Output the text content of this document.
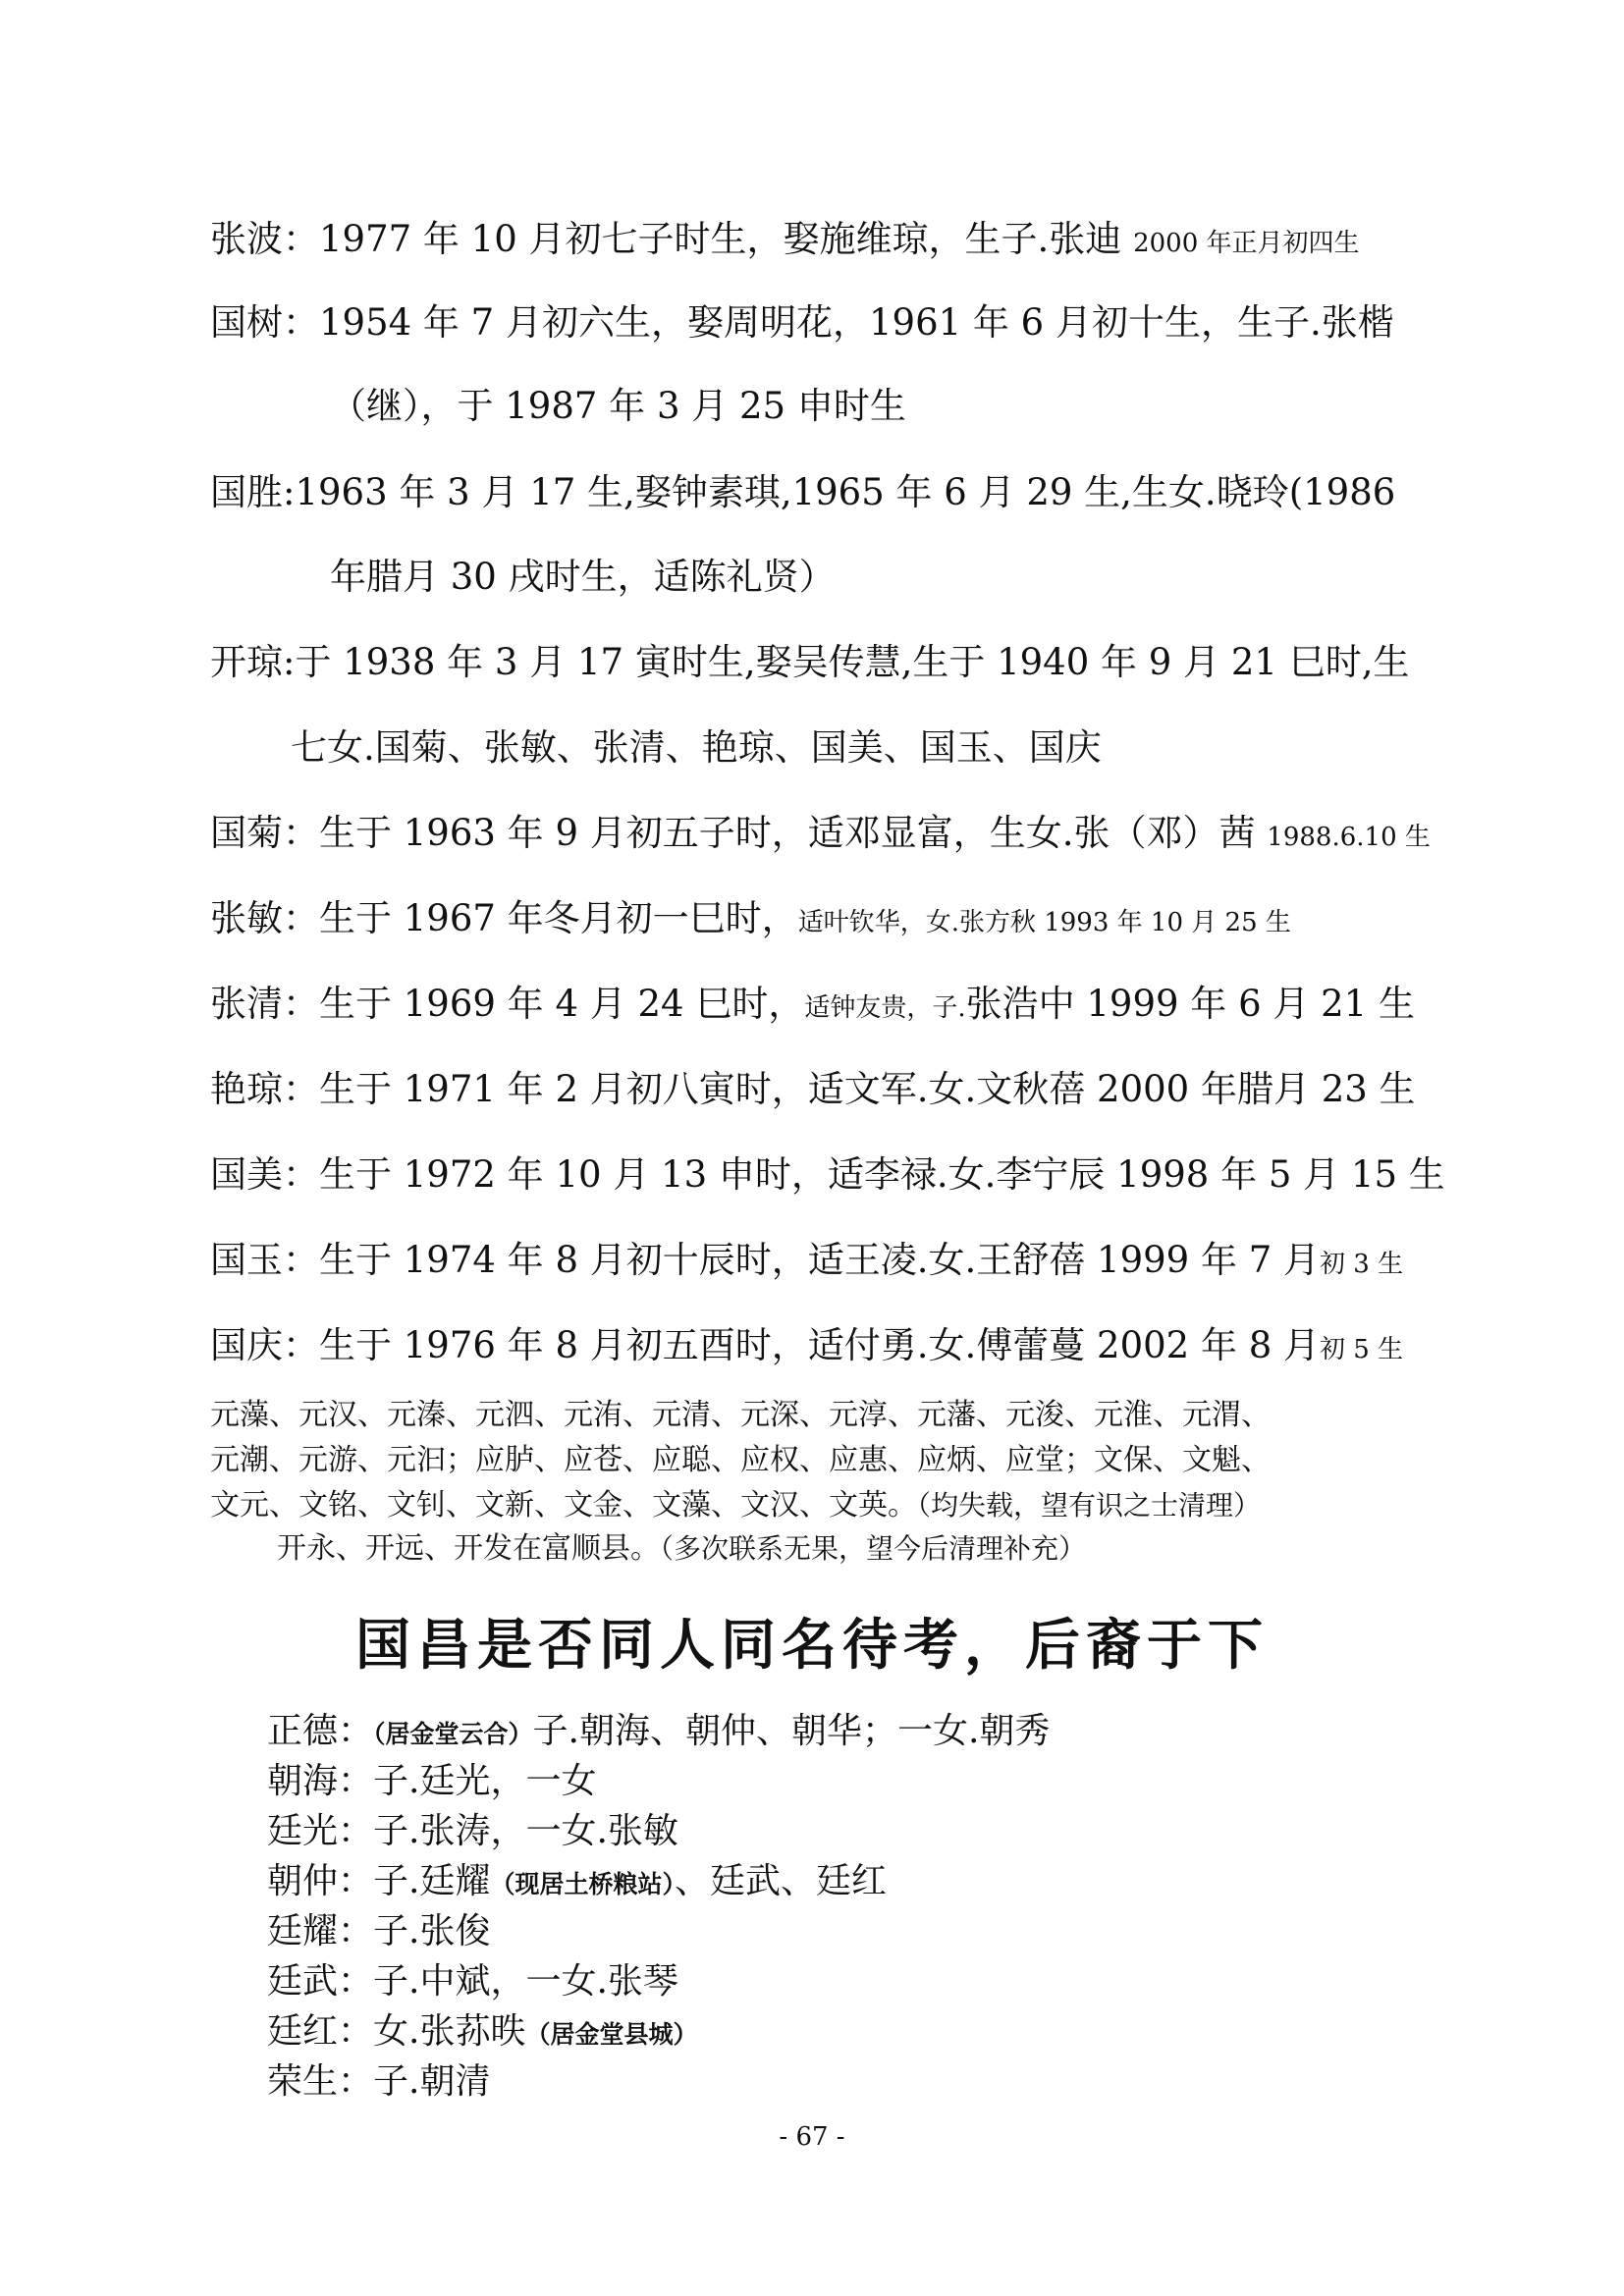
张波：1977 年 10 月初七子时生，娶施维琼，生子.张迪 2000 年正月初四生
国树：1954 年 7 月初六生，娶周明花，1961 年 6 月初十生，生子.张楷
（继），于 1987 年 3 月 25 申时生
国胜:1963 年 3 月 17 生,娶钟素琪,1965 年 6 月 29 生,生女.晓玲(1986
年腊月 30 戌时生，适陈礼贤）
开琼:于 1938 年 3 月 17 寅时生,娶吴传慧,生于 1940 年 9 月 21 巳时,生
七女.国菊、张敏、张清、艳琼、国美、国玉、国庆
国菊：生于 1963 年 9 月初五子时，适邓显富，生女.张（邓）茜 1988.6.10 生
张敏：生于 1967 年冬月初一巳时，适叶钦华，女.张方秋 1993 年 10 月 25 生
张清：生于 1969 年 4 月 24 巳时，适钟友贵，子.张浩中 1999 年 6 月 21 生
艳琼：生于 1971 年 2 月初八寅时，适文军.女.文秋蓓 2000 年腊月 23 生
国美：生于 1972 年 10 月 13 申时，适李禄.女.李宁辰 1998 年 5 月 15 生
国玉：生于 1974 年 8 月初十辰时，适王凌.女.王舒蓓 1999 年 7 月初 3 生
国庆：生于 1976 年 8 月初五酉时，适付勇.女.傅蕾蔓 2002 年 8 月初 5 生
元藻、元汉、元溱、元泗、元洧、元清、元深、元淳、元藩、元浚、元淮、元渭、
元潮、元游、元汩；应胪、应苍、应聪、应权、应惠、应炳、应堂；文保、文魁、
文元、文铭、文钊、文新、文金、文藻、文汉、文英。（均失载，望有识之士清理）
开永、开远、开发在富顺县。（多次联系无果，望今后清理补充）
国昌是否同人同名待考，后裔于下
正德：（居金堂云合）子.朝海、朝仲、朝华；一女.朝秀
朝海：子.廷光，一女
廷光：子.张涛，一女.张敏
朝仲：子.廷耀（现居土桥粮站）、廷武、廷红
廷耀：子.张俊
廷武：子.中斌，一女.张琴
廷红：女.张荪昳（居金堂县城）
荣生：子.朝清
- 67 -
